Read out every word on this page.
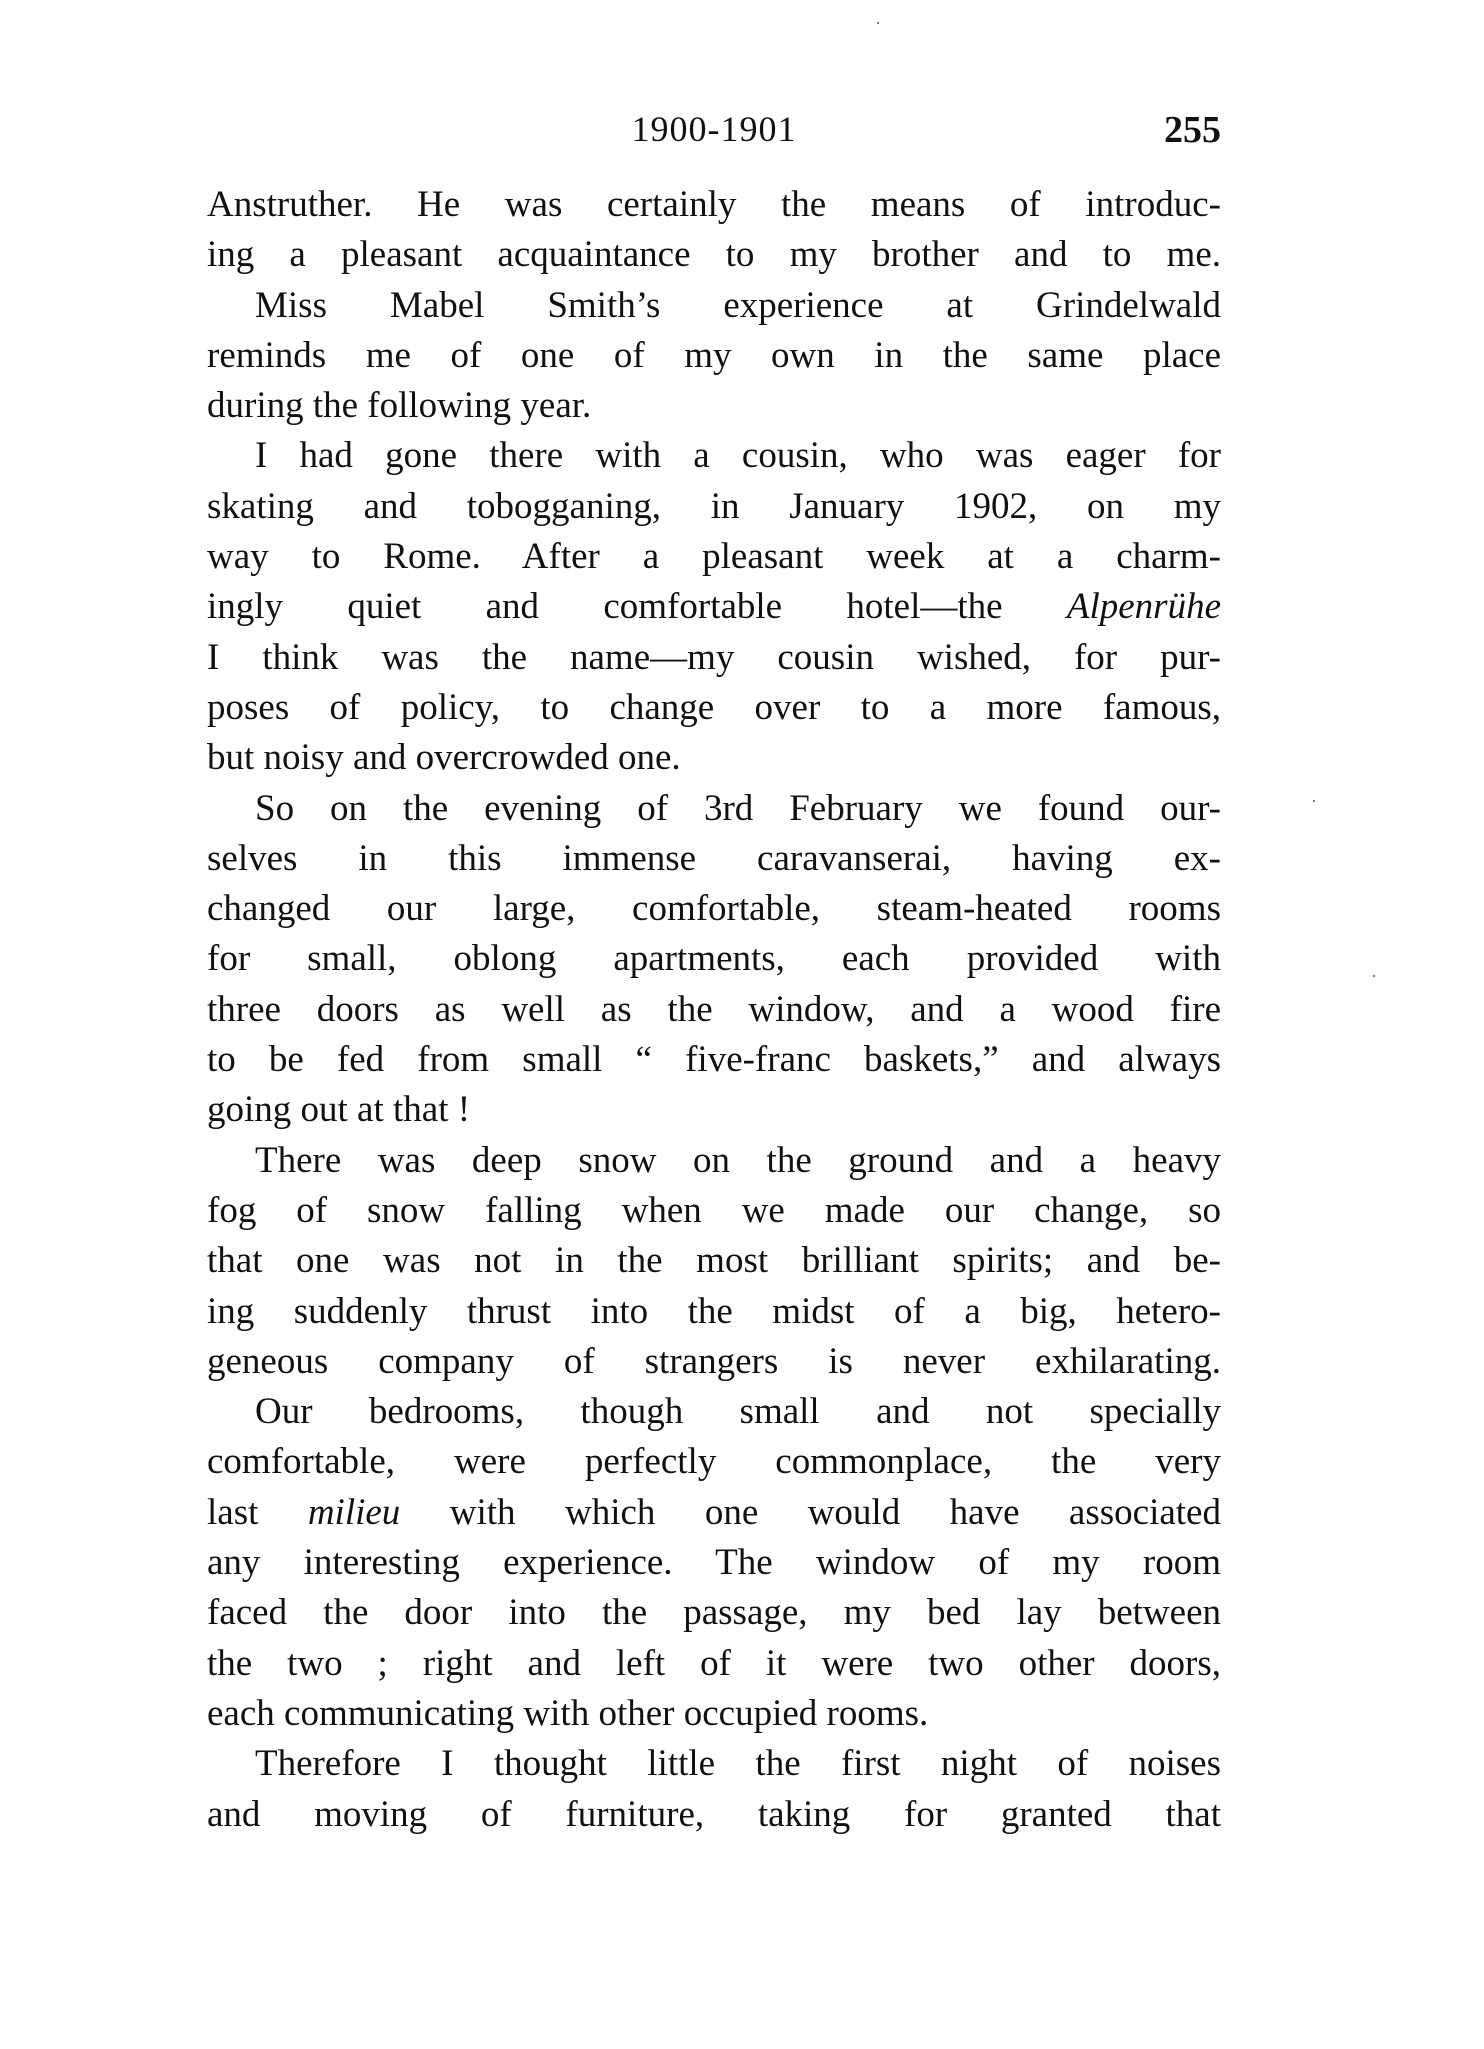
1900-1901	255
Anstruther. He was certainly the means of introduc-
ing a pleasant acquaintance to my brother and to me.
Miss Mabel Smith’s experience at Grindelwald
reminds me of one of my own in the same place
during the following year.
I had gone there with a cousin, who was eager for
skating and tobogganing, in January 1902, on my
way to Rome. After a pleasant week at a charm-
ingly quiet and comfortable hotel—the Alpenrühe
I think was the name—my cousin wished, for pur-
poses of policy, to change over to a more famous,
but noisy and overcrowded one.
So on the evening of 3rd February we found our-
selves in this immense caravanserai, having ex-
changed our large, comfortable, steam-heated rooms
for small, oblong apartments, each provided with
three doors as well as the window, and a wood fire
to be fed from small “ five-franc baskets,” and always
going out at that !
There was deep snow on the ground and a heavy
fog of snow falling when we made our change, so
that one was not in the most brilliant spirits; and be-
ing suddenly thrust into the midst of a big, hetero-
geneous company of strangers is never exhilarating.
Our bedrooms, though small and not specially
comfortable, were perfectly commonplace, the very
last milieu with which one would have associated
any interesting experience. The window of my room
faced the door into the passage, my bed lay between
the two ; right and left of it were two other doors,
each communicating with other occupied rooms.
Therefore I thought little the first night of noises
and moving of furniture, taking for granted that
